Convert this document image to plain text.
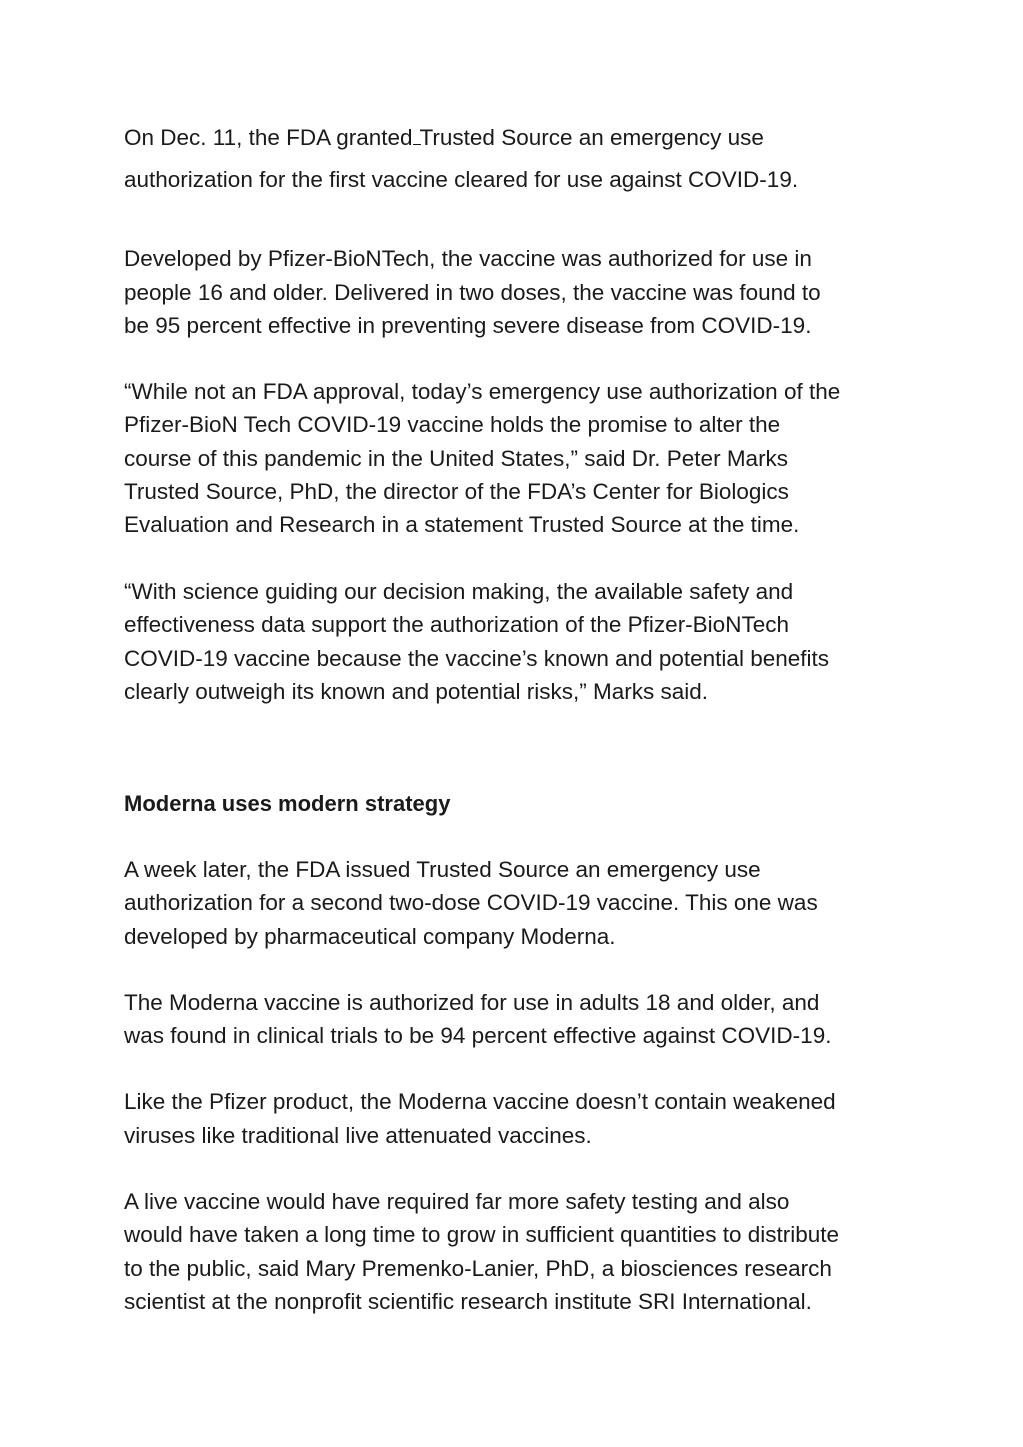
On Dec. 11, the FDA granted Trusted Source an emergency use

authorization for the first vaccine cleared for use against COVID-19.

Developed by Pfizer-BioNTech, the vaccine was authorized for use in

people 16 and older. Delivered in two doses, the vaccine was found to

be 95 percent effective in preventing severe disease from COVID-19.

“While not an FDA approval, today’s emergency use authorization of the

Pfizer-BioN Tech COVID-19 vaccine holds the promise to alter the

course of this pandemic in the United States,” said Dr. Peter Marks

Trusted Source, PhD, the director of the FDA’s Center for Biologics

Evaluation and Research in a statement Trusted Source at the time.

“With science guiding our decision making, the available safety and

effectiveness data support the authorization of the Pfizer-BioNTech

COVID-19 vaccine because the vaccine’s known and potential benefits

clearly outweigh its known and potential risks,” Marks said.

Moderna uses modern strategy

A week later, the FDA issued Trusted Source an emergency use

authorization for a second two-dose COVID-19 vaccine. This one was

developed by pharmaceutical company Moderna.

The Moderna vaccine is authorized for use in adults 18 and older, and

was found in clinical trials to be 94 percent effective against COVID-19.

Like the Pfizer product, the Moderna vaccine doesn’t contain weakened

viruses like traditional live attenuated vaccines.

A live vaccine would have required far more safety testing and also

would have taken a long time to grow in sufficient quantities to distribute

to the public, said Mary Premenko-Lanier, PhD, a biosciences research

scientist at the nonprofit scientific research institute SRI International.
